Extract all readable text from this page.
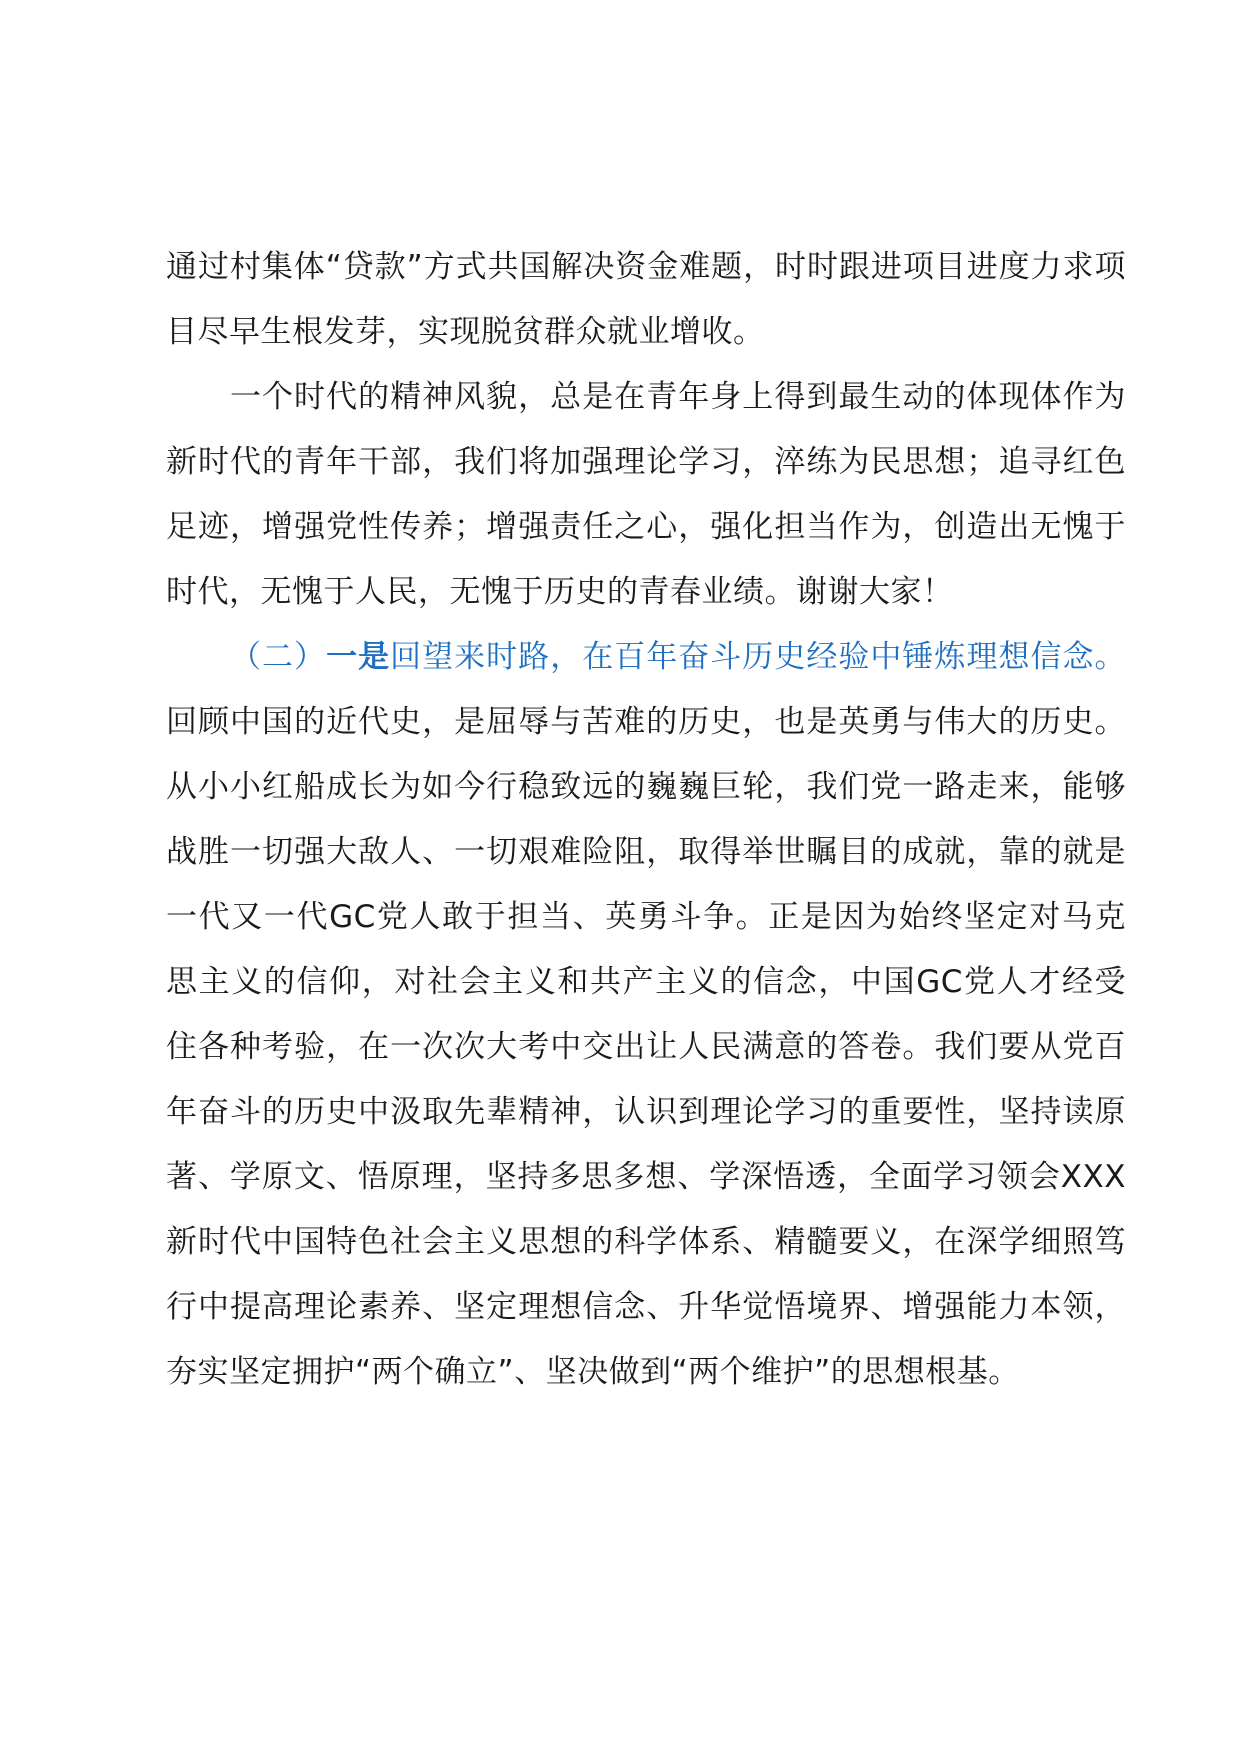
通过村集体“贷款”方式共国解决资金难题，时时跟进项目进度力求项目尽早生根发芽，实现脱贫群众就业增收。

一个时代的精神风貌，总是在青年身上得到最生动的体现体作为新时代的青年干部，我们将加强理论学习，淬练为民思想；追寻红色足迹，增强党性传养；增强责任之心，强化担当作为，创造出无愧于时代，无愧于人民，无愧于历史的青春业绩。谢谢大家！

（二）一是回望来时路，在百年奋斗历史经验中锤炼理想信念。回顾中国的近代史，是屈辱与苦难的历史，也是英勇与伟大的历史。从小小红船成长为如今行稳致远的巍巍巨轮，我们党一路走来，能够战胜一切强大敌人、一切艰难险阻，取得举世瞩目的成就，靠的就是一代又一代GC党人敢于担当、英勇斗争。正是因为始终坚定对马克思主义的信仰，对社会主义和共产主义的信念，中国GC党人才经受住各种考验，在一次次大考中交出让人民满意的答卷。我们要从党百年奋斗的历史中汲取先辈精神，认识到理论学习的重要性，坚持读原著、学原文、悟原理，坚持多思多想、学深悟透，全面学习领会XXX新时代中国特色社会主义思想的科学体系、精髓要义，在深学细照笃行中提高理论素养、坚定理想信念、升华觉悟境界、增强能力本领，夯实坚定拥护“两个确立”、坚决做到“两个维护”的思想根基。
